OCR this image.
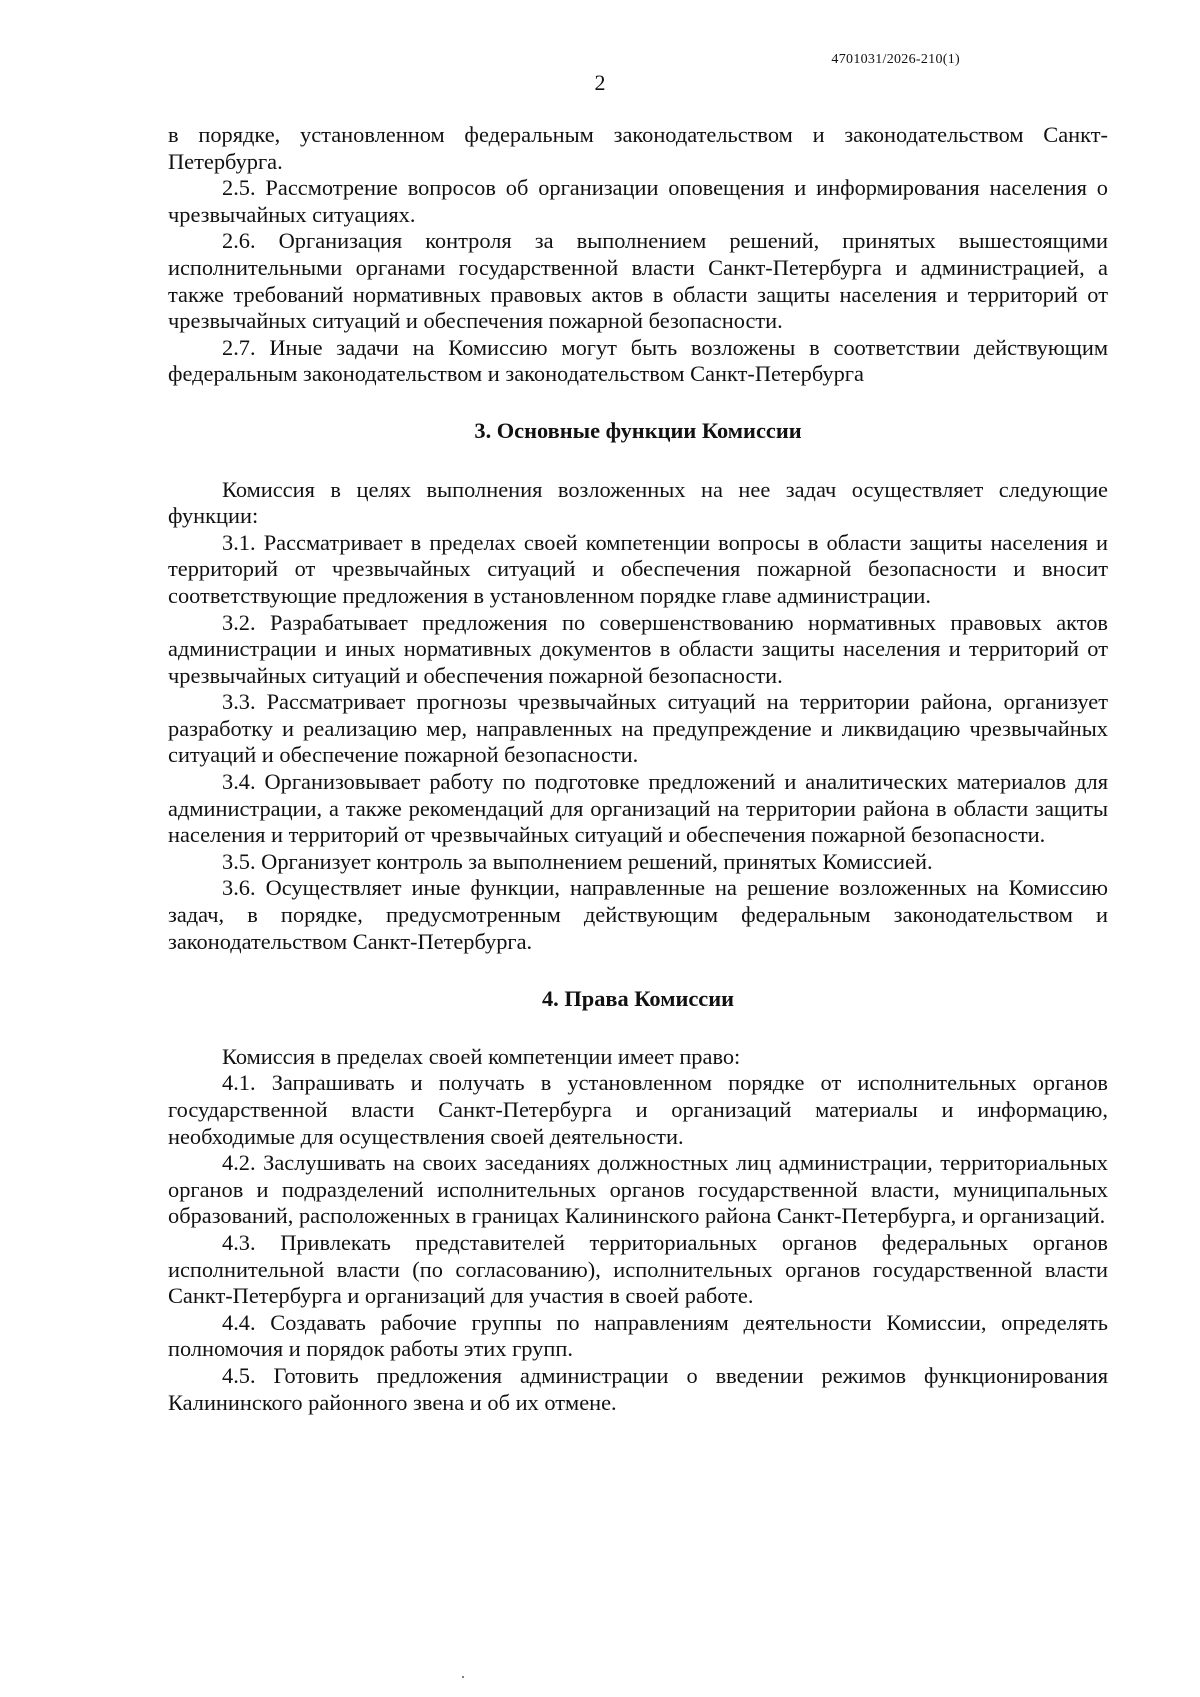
4701031/2026-210(1)
2

в порядке, установленном федеральным законодательством и законодательством Санкт-Петербурга.

2.5. Рассмотрение вопросов об организации оповещения и информирования населения о чрезвычайных ситуациях.

2.6. Организация контроля за выполнением решений, принятых вышестоящими исполнительными органами государственной власти Санкт-Петербурга и администрацией, а также требований нормативных правовых актов в области защиты населения и территорий от чрезвычайных ситуаций и обеспечения пожарной безопасности.

2.7. Иные задачи на Комиссию могут быть возложены в соответствии действующим федеральным законодательством и законодательством Санкт-Петербурга

3. Основные функции Комиссии

Комиссия в целях выполнения возложенных на нее задач осуществляет следующие функции:

3.1. Рассматривает в пределах своей компетенции вопросы в области защиты населения и территорий от чрезвычайных ситуаций и обеспечения пожарной безопасности и вносит соответствующие предложения в установленном порядке главе администрации.

3.2. Разрабатывает предложения по совершенствованию нормативных правовых актов администрации и иных нормативных документов в области защиты населения и территорий от чрезвычайных ситуаций и обеспечения пожарной безопасности.

3.3. Рассматривает прогнозы чрезвычайных ситуаций на территории района, организует разработку и реализацию мер, направленных на предупреждение и ликвидацию чрезвычайных ситуаций и обеспечение пожарной безопасности.

3.4. Организовывает работу по подготовке предложений и аналитических материалов для администрации, а также рекомендаций для организаций на территории района в области защиты населения и территорий от чрезвычайных ситуаций и обеспечения пожарной безопасности.

3.5. Организует контроль за выполнением решений, принятых Комиссией.

3.6. Осуществляет иные функции, направленные на решение возложенных на Комиссию задач, в порядке, предусмотренным действующим федеральным законодательством и законодательством Санкт-Петербурга.

4. Права Комиссии

Комиссия в пределах своей компетенции имеет право:

4.1. Запрашивать и получать в установленном порядке от исполнительных органов государственной власти Санкт-Петербурга и организаций материалы и информацию, необходимые для осуществления своей деятельности.

4.2. Заслушивать на своих заседаниях должностных лиц администрации, территориальных органов и подразделений исполнительных органов государственной власти, муниципальных образований, расположенных в границах Калининского района Санкт-Петербурга, и организаций.

4.3. Привлекать представителей территориальных органов федеральных органов исполнительной власти (по согласованию), исполнительных органов государственной власти Санкт-Петербурга и организаций для участия в своей работе.

4.4. Создавать рабочие группы по направлениям деятельности Комиссии, определять полномочия и порядок работы этих групп.

4.5. Готовить предложения администрации о введении режимов функционирования Калининского районного звена и об их отмене.
